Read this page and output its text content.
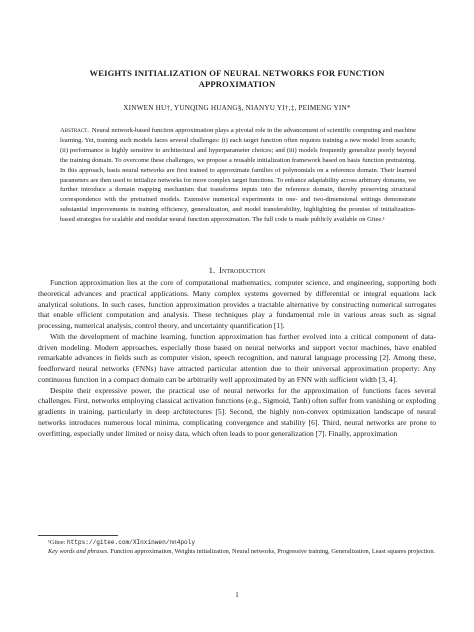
WEIGHTS INITIALIZATION OF NEURAL NETWORKS FOR FUNCTION APPROXIMATION
XINWEN HU†, YUNQING HUANG§, NIANYU YI†,‡, PEIMENG YIN*
Abstract. Neural network-based function approximation plays a pivotal role in the advancement of scientific computing and machine learning. Yet, training such models faces several challenges: (i) each target function often requires training a new model from scratch; (ii) performance is highly sensitive to architectural and hyperparameter choices; and (iii) models frequently generalize poorly beyond the training domain. To overcome these challenges, we propose a reusable initialization framework based on basis function pretraining. In this approach, basis neural networks are first trained to approximate families of polynomials on a reference domain. Their learned parameters are then used to initialize networks for more complex target functions. To enhance adaptability across arbitrary domains, we further introduce a domain mapping mechanism that transforms inputs into the reference domain, thereby preserving structural correspondence with the pretrained models. Extensive numerical experiments in one- and two-dimensional settings demonstrate substantial improvements in training efficiency, generalization, and model transferability, highlighting the promise of initialization-based strategies for scalable and modular neural function approximation. The full code is made publicly available on Gitee.¹
1. Introduction

Function approximation lies at the core of computational mathematics, computer science, and engineering, supporting both theoretical advances and practical applications. Many complex systems governed by differential or integral equations lack analytical solutions. In such cases, function approximation provides a tractable alternative by constructing numerical surrogates that enable efficient computation and analysis. These techniques play a fundamental role in various areas such as signal processing, numerical analysis, control theory, and uncertainty quantification [1].

With the development of machine learning, function approximation has further evolved into a critical component of data-driven modeling. Modern approaches, especially those based on neural networks and support vector machines, have enabled remarkable advances in fields such as computer vision, speech recognition, and natural language processing [2]. Among these, feedforward neural networks (FNNs) have attracted particular attention due to their universal approximation property: Any continuous function in a compact domain can be arbitrarily well approximated by an FNN with sufficient width [3, 4].

Despite their expressive power, the practical use of neural networks for the approximation of functions faces several challenges. First, networks employing classical activation functions (e.g., Sigmoid, Tanh) often suffer from vanishing or exploding gradients in training, particularly in deep architectures [5]. Second, the highly non-convex optimization landscape of neural networks introduces numerous local minima, complicating convergence and stability [6]. Third, neural networks are prone to overfitting, especially under limited or noisy data, which often leads to poor generalization [7]. Finally, approximation

¹Gitee: https://gitee.com/XInxinwen/nn4poly
Key words and phrases. Function approximation, Weights initialization, Neural networks, Progressive training, Generalization, Least squares projection.
1
